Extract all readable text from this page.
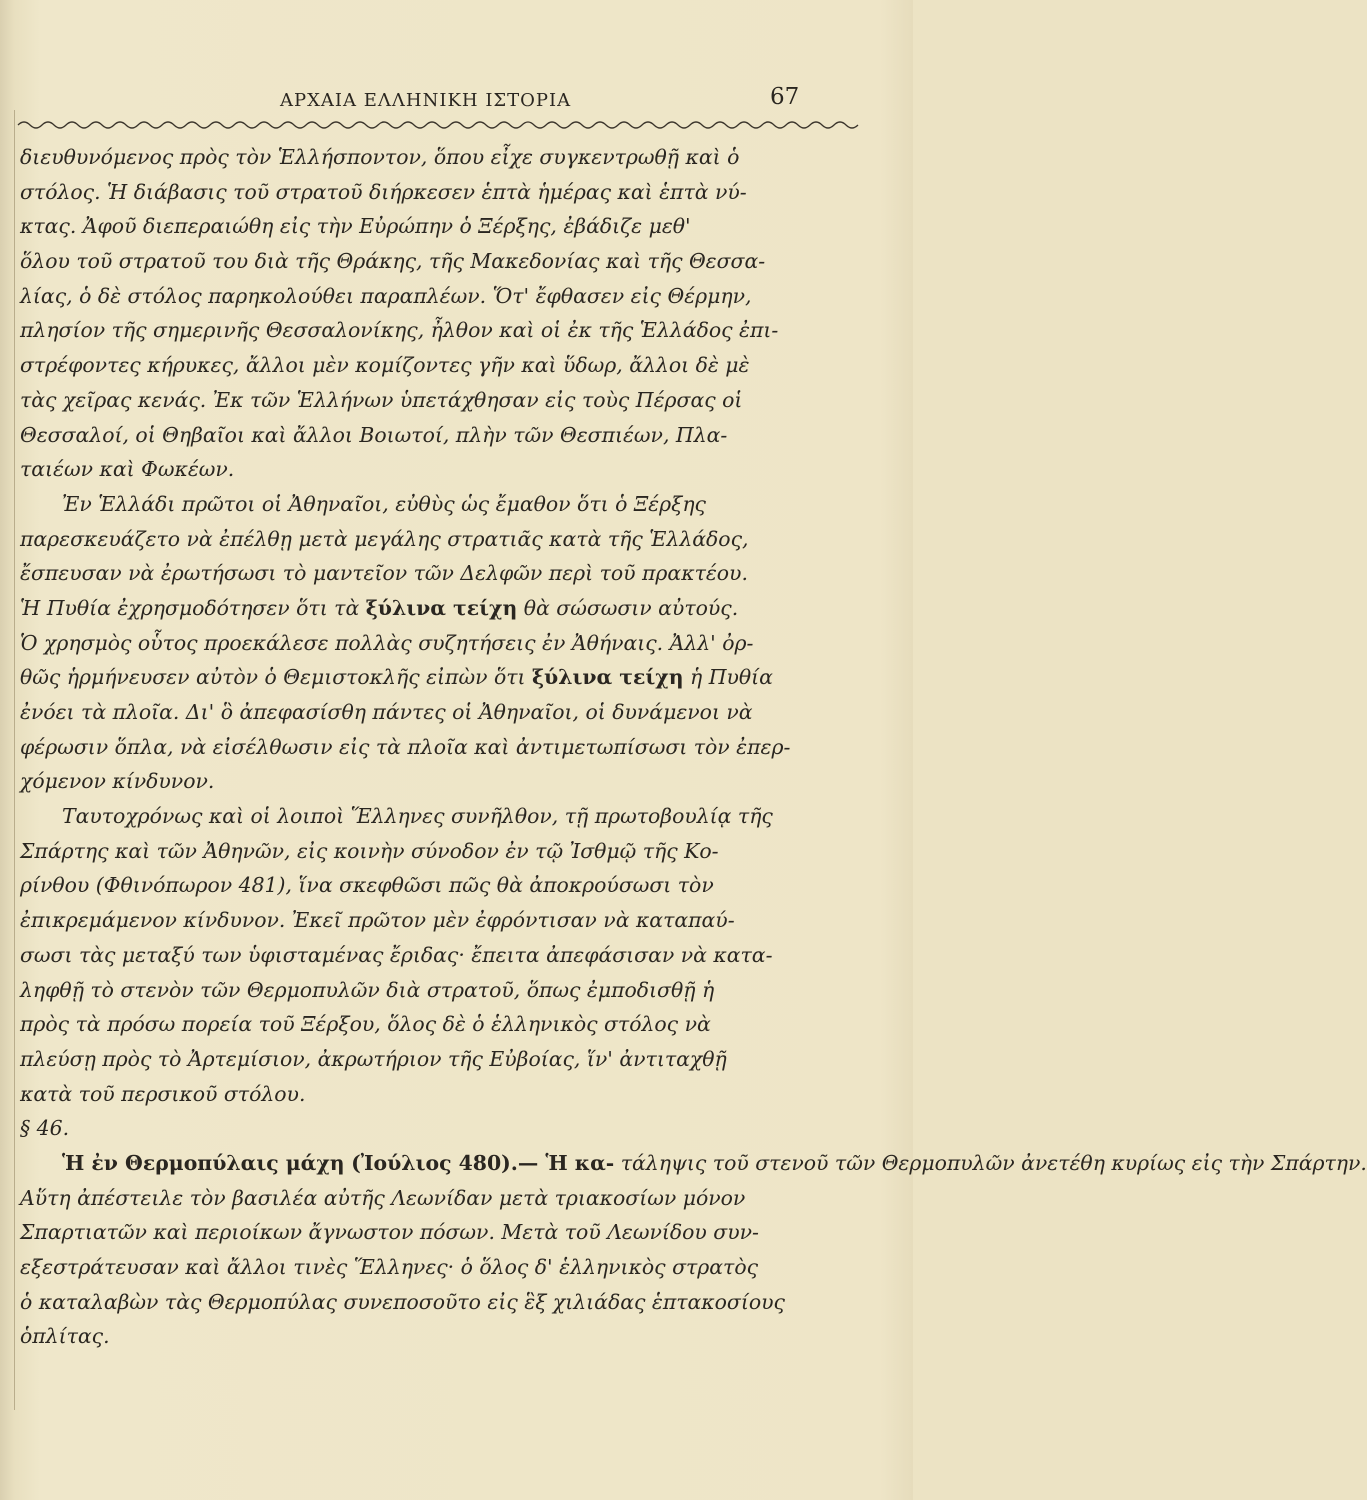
ΑΡΧΑΙΑ ΕΛΛΗΝΙΚΗ ΙΣΤΟΡΙΑ	67
διευθυνόμενος πρὸς τὸν Ἑλλήσποντον, ὅπου εἶχε συγκεντρωθῇ καὶ ὁ
στόλος. Ἡ διάβασις τοῦ στρατοῦ διήρκεσεν ἑπτὰ ἡμέρας καὶ ἑπτὰ νύ-
κτας. Ἀφοῦ διεπεραιώθη εἰς τὴν Εὐρώπην ὁ Ξέρξης, ἐβάδιζε μεθ'
ὅλου τοῦ στρατοῦ του διὰ τῆς Θράκης, τῆς Μακεδονίας καὶ τῆς Θεσσα-
λίας, ὁ δὲ στόλος παρηκολούθει παραπλέων. Ὅτ' ἔφθασεν εἰς Θέρμην,
πλησίον τῆς σημερινῆς Θεσσαλονίκης, ἦλθον καὶ οἱ ἐκ τῆς Ἑλλάδος ἐπι-
στρέφοντες κήρυκες, ἄλλοι μὲν κομίζοντες γῆν καὶ ὕδωρ, ἄλλοι δὲ μὲ
τὰς χεῖρας κενάς. Ἐκ τῶν Ἑλλήνων ὑπετάχθησαν εἰς τοὺς Πέρσας οἱ
Θεσσαλοί, οἱ Θηβαῖοι καὶ ἄλλοι Βοιωτοί, πλὴν τῶν Θεσπιέων, Πλα-
ταιέων καὶ Φωκέων.
Ἐν Ἑλλάδι πρῶτοι οἱ Ἀθηναῖοι, εὐθὺς ὡς ἔμαθον ὅτι ὁ Ξέρξης
παρεσκευάζετο νὰ ἐπέλθῃ μετὰ μεγάλης στρατιᾶς κατὰ τῆς Ἑλλάδος,
ἔσπευσαν νὰ ἐρωτήσωσι τὸ μαντεῖον τῶν Δελφῶν περὶ τοῦ πρακτέου.
Ἡ Πυθία ἐχρησμοδότησεν ὅτι τὰ ξύλινα τείχη θὰ σώσωσιν αὐτούς.
Ὁ χρησμὸς οὗτος προεκάλεσε πολλὰς συζητήσεις ἐν Ἀθήναις. Ἀλλ' ὀρ-
θῶς ἡρμήνευσεν αὐτὸν ὁ Θεμιστοκλῆς εἰπὼν ὅτι ξύλινα τείχη ἡ Πυθία
ἐνόει τὰ πλοῖα. Δι' ὃ ἀπεφασίσθη πάντες οἱ Ἀθηναῖοι, οἱ δυνάμενοι νὰ
φέρωσιν ὅπλα, νὰ εἰσέλθωσιν εἰς τὰ πλοῖα καὶ ἀντιμετωπίσωσι τὸν ἐπερ-
χόμενον κίνδυνον.
Ταυτοχρόνως καὶ οἱ λοιποὶ Ἕλληνες συνῆλθον, τῇ πρωτοβουλίᾳ τῆς
Σπάρτης καὶ τῶν Ἀθηνῶν, εἰς κοινὴν σύνοδον ἐν τῷ Ἰσθμῷ τῆς Κο-
ρίνθου (Φθινόπωρον 481), ἵνα σκεφθῶσι πῶς θὰ ἀποκρούσωσι τὸν
ἐπικρεμάμενον κίνδυνον. Ἐκεῖ πρῶτον μὲν ἐφρόντισαν νὰ καταπαύ-
σωσι τὰς μεταξύ των ὑφισταμένας ἔριδας· ἔπειτα ἀπεφάσισαν νὰ κατα-
ληφθῇ τὸ στενὸν τῶν Θερμοπυλῶν διὰ στρατοῦ, ὅπως ἐμποδισθῇ ἡ
πρὸς τὰ πρόσω πορεία τοῦ Ξέρξου, ὅλος δὲ ὁ ἑλληνικὸς στόλος νὰ
πλεύσῃ πρὸς τὸ Ἀρτεμίσιον, ἀκρωτήριον τῆς Εὐβοίας, ἵν' ἀντιταχθῇ
κατὰ τοῦ περσικοῦ στόλου.
§ 46.
Ἡ ἐν Θερμοπύλαις μάχη (Ἰούλιος 480).— Ἡ κα- τάληψις τοῦ στενοῦ τῶν Θερμοπυλῶν ἀνετέθη κυρίως εἰς τὴν Σπάρτην.
Αὕτη ἀπέστειλε τὸν βασιλέα αὐτῆς Λεωνίδαν μετὰ τριακοσίων μόνον
Σπαρτιατῶν καὶ περιοίκων ἄγνωστον πόσων. Μετὰ τοῦ Λεωνίδου συν-
εξεστράτευσαν καὶ ἄλλοι τινὲς Ἕλληνες· ὁ ὅλος δ' ἑλληνικὸς στρατὸς
ὁ καταλαβὼν τὰς Θερμοπύλας συνεποσοῦτο εἰς ἓξ χιλιάδας ἑπτακοσίους
ὁπλίτας.
